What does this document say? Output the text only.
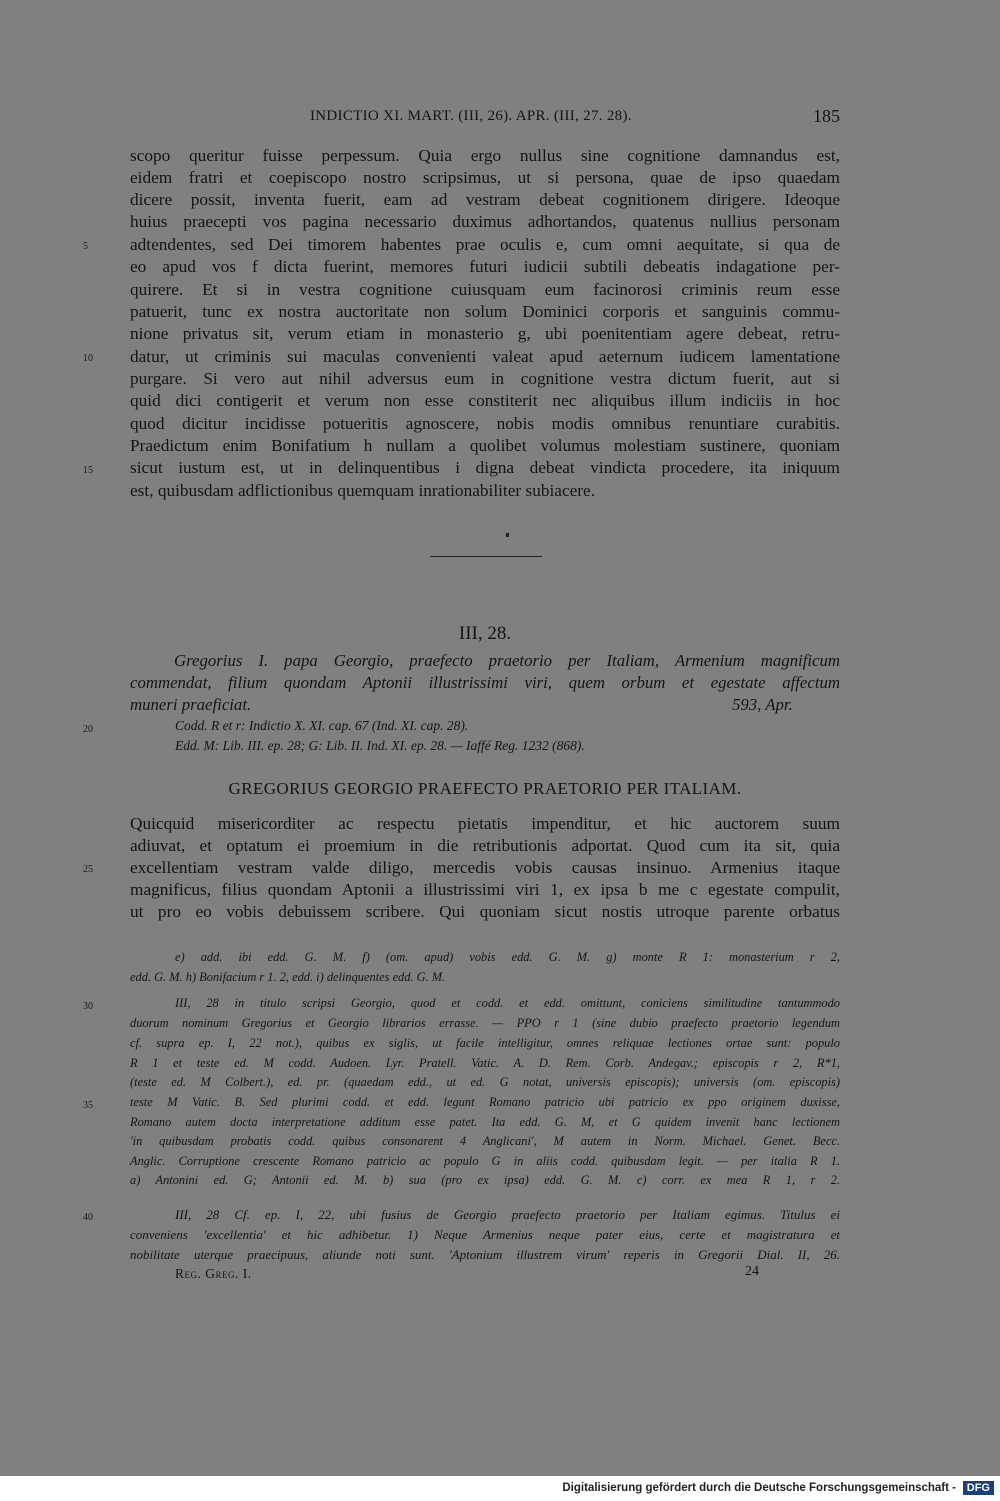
INDICTIO XI. MART. (III, 26). APR. (III, 27. 28).	185
scopo queritur fuisse perpessum. Quia ergo nullus sine cognitione damnandus est,
eidem fratri et coepiscopo nostro scripsimus, ut si persona, quae de ipso quaedam
dicere possit, inventa fuerit, eam ad vestram debeat cognitionem dirigere. Ideoque
huius praecepti vos pagina necessario duximus adhortandos, quatenus nullius personam
adtendentes, sed Dei timorem habentes prae oculis e, cum omni aequitate, si qua de
eo apud vos f dicta fuerint, memores futuri iudicii subtili debeatis indagatione per-
quirere. Et si in vestra cognitione cuiusquam eum facinorosi criminis reum esse
patuerit, tunc ex nostra auctoritate non solum Dominici corporis et sanguinis commu-
nione privatus sit, verum etiam in monasterio g, ubi poenitentiam agere debeat, retru-
datur, ut criminis sui maculas convenienti valeat apud aeternum iudicem lamentatione
purgare. Si vero aut nihil adversus eum in cognitione vestra dictum fuerit, aut si
quid dici contigerit et verum non esse constiterit nec aliquibus illum indiciis in hoc
quod dicitur incidisse potueritis agnoscere, nobis modis omnibus renuntiare curabitis.
Praedictum enim Bonifatium h nullam a quolibet volumus molestiam sustinere, quoniam
sicut iustum est, ut in delinquentibus i digna debeat vindicta procedere, ita iniquum
est, quibusdam adflictionibus quemquam inrationabiliter subiacere.
5
10
15
III, 28.
Gregorius I. papa Georgio, praefecto praetorio per Italiam, Armenium magnificum
commendat, filium quondam Aptonii illustrissimi viri, quem orbum et egestate affectum
muneri praeficiat.	593, Apr.
20	Codd. R et r: Indictio X. XI. cap. 67 (Ind. XI. cap. 28).
Edd. M: Lib. III. ep. 28; G: Lib. II. Ind. XI. ep. 28. — Iaffé Reg. 1232 (868).
GREGORIUS GEORGIO PRAEFECTO PRAETORIO PER ITALIAM.
Quicquid misericorditer ac respectu pietatis impenditur, et hic auctorem suum
adiuvat, et optatum ei proemium in die retributionis adportat. Quod cum ita sit, quia
excellentiam vestram valde diligo, mercedis vobis causas insinuo. Armenius itaque
magnificus, filius quondam Aptonii a illustrissimi viri 1, ex ipsa b me c egestate compulit,
ut pro eo vobis debuissem scribere. Qui quoniam sicut nostis utroque parente orbatus
25
e) add. ibi edd. G. M. f) (om. apud) vobis edd. G. M. g) monte R 1: monasterium r 2,
edd. G. M. h) Bonifacium r 1. 2, edd. i) delinquentes edd. G. M.
III, 28 in titulo scripsi Georgio, quod et codd. et edd. omittunt, coniciens similitudine tantummodo
duorum nominum Gregorius et Georgio librarios errasse. — PPO r 1 (sine dubio praefecto praetorio legendum
cf. supra ep. I, 22 not.), quibus ex siglis, ut facile intelligitur, omnes reliquae lectiones ortae sunt: populo
R 1 et teste ed. M codd. Audoen. Lyr. Pratell. Vatic. A. D. Rem. Corb. Andegav.; episcopis r 2, R*1,
(teste ed. M Colbert.), ed. pr. (quaedam edd., ut ed. G notat, universis episcopis); universis (om. episcopis)
teste M Vatic. B. Sed plurimi codd. et edd. legunt Romano patricio ubi patricio ex ppo originem duxisse,
Romano autem docta interpretatione additum esse patet. Ita edd. G. M, et G quidem invenit hanc lectionem
'in quibusdam probatis codd. quibus consonarent 4 Anglicani', M autem in Norm. Michael. Genet. Becc.
Anglic. Corruptione crescente Romano patricio ac populo G in aliis codd. quibusdam legit. — per italia R 1.
a) Antonini ed. G; Antonii ed. M. b) sua (pro ex ipsa) edd. G. M. c) corr. ex mea R 1, r 2.
30
35
III, 28 Cf. ep. I, 22, ubi fusius de Georgio praefecto praetorio per Italiam egimus. Titulus ei
conveniens 'excellentia' et hic adhibetur. 1) Neque Armenius neque pater eius, certe et magistratura et
nobilitate uterque praecipuus, aliunde noti sunt. 'Aptonium illustrem virum' reperis in Gregorii Dial. II, 26.
40
Reg. Greg. I.	24
Digitalisierung gefördert durch die Deutsche Forschungsgemeinschaft - DFG
